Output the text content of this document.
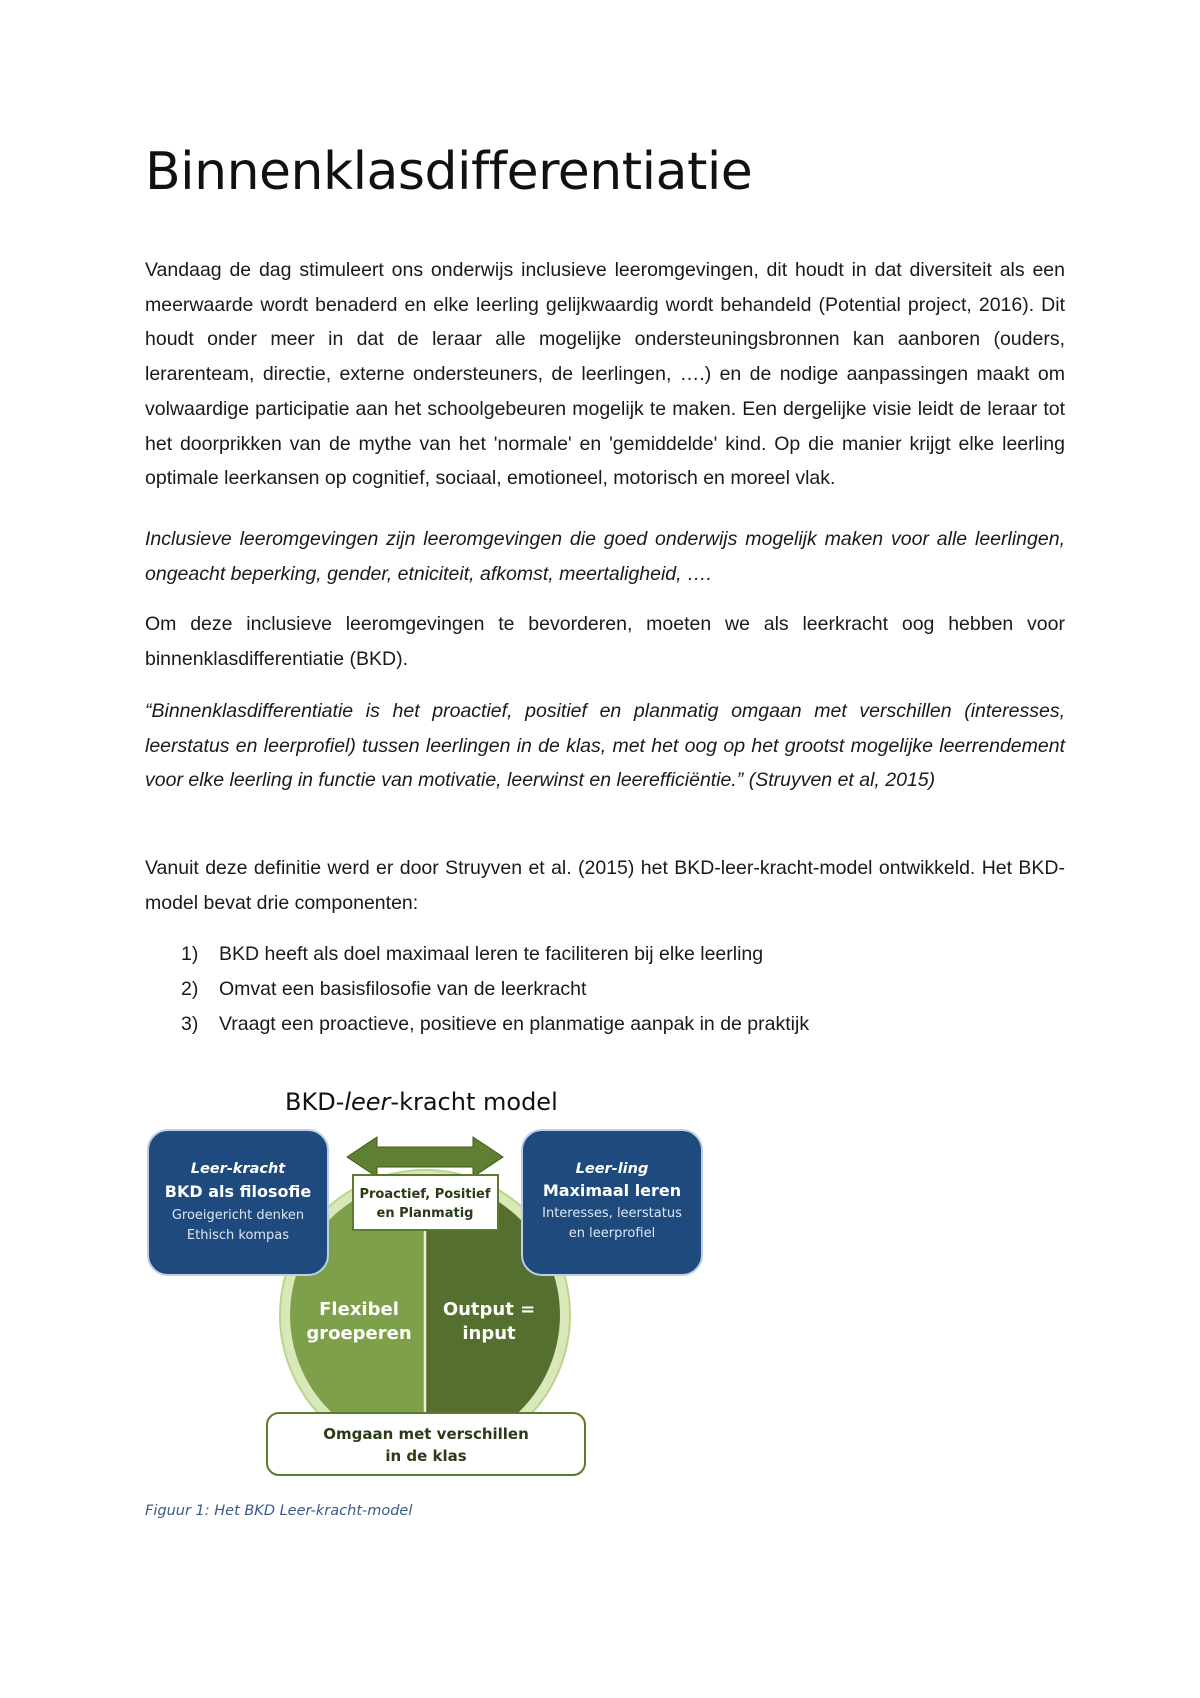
Binnenklasdifferentiatie

Vandaag de dag stimuleert ons onderwijs inclusieve leeromgevingen, dit houdt in dat diversiteit als een meerwaarde wordt benaderd en elke leerling gelijkwaardig wordt behandeld (Potential project, 2016). Dit houdt onder meer in dat de leraar alle mogelijke ondersteuningsbronnen kan aanboren (ouders, lerarenteam, directie, externe ondersteuners, de leerlingen, ….) en de nodige aanpassingen maakt om volwaardige participatie aan het schoolgebeuren mogelijk te maken. Een dergelijke visie leidt de leraar tot het doorprikken van de mythe van het 'normale' en 'gemiddelde' kind. Op die manier krijgt elke leerling optimale leerkansen op cognitief, sociaal, emotioneel, motorisch en moreel vlak.

Inclusieve leeromgevingen zijn leeromgevingen die goed onderwijs mogelijk maken voor alle leerlingen, ongeacht beperking, gender, etniciteit, afkomst, meertaligheid, ….

Om deze inclusieve leeromgevingen te bevorderen, moeten we als leerkracht oog hebben voor binnenklasdifferentiatie (BKD).

“Binnenklasdifferentiatie is het proactief, positief en planmatig omgaan met verschillen (interesses, leerstatus en leerprofiel) tussen leerlingen in de klas, met het oog op het grootst mogelijke leerrendement voor elke leerling in functie van motivatie, leerwinst en leerefficiëntie.” (Struyven et al, 2015)

Vanuit deze definitie werd er door Struyven et al. (2015) het BKD-leer-kracht-model ontwikkeld. Het BKD-model bevat drie componenten:

1)	BKD heeft als doel maximaal leren te faciliteren bij elke leerling
2)	Omvat een basisfilosofie van de leerkracht
3)	Vraagt een proactieve, positieve en planmatige aanpak in de praktijk
BKD-leer-kracht model
Proactief, Positief
en Planmatig
Leer-kracht
BKD als filosofie
Groeigericht denken
Ethisch kompas
Leer-ling
Maximaal leren
Interesses, leerstatus
en leerprofiel
Flexibel
groeperen
Output =
input
Omgaan met verschillen
in de klas

Figuur 1: Het BKD Leer-kracht-model
